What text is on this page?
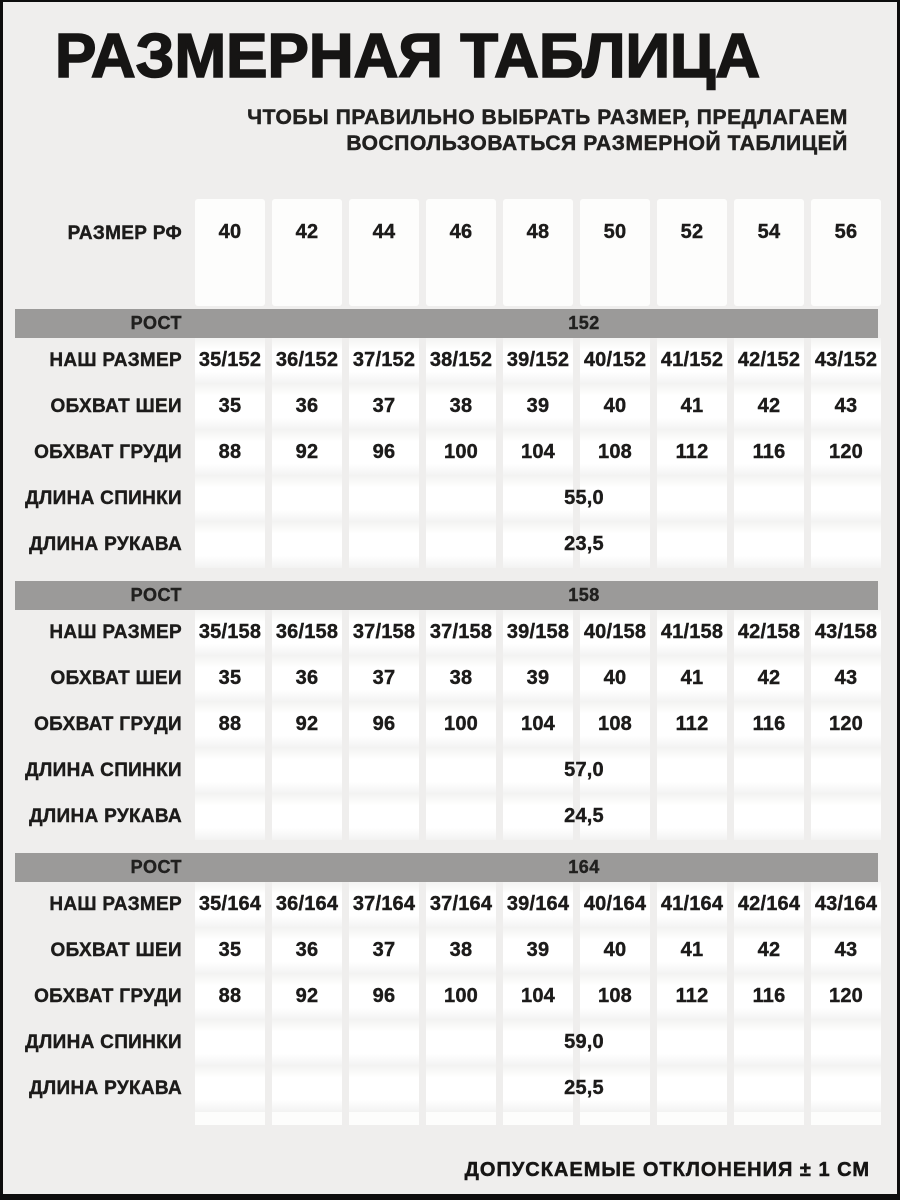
РАЗМЕРНАЯ ТАБЛИЦА
ЧТОБЫ ПРАВИЛЬНО ВЫБРАТЬ РАЗМЕР, ПРЕДЛАГАЕМ
ВОСПОЛЬЗОВАТЬСЯ РАЗМЕРНОЙ ТАБЛИЦЕЙ
РАЗМЕР РФ	40	42	44	46	48	50	52	54	56
РОСТ	152
НАШ РАЗМЕР 35/152 36/152 37/152 38/152 39/152 40/152 41/152 42/152 43/152
ОБХВАТ ШЕИ	35	36	37	38	39	40	41	42	43
ОБХВАТ ГРУДИ	88	92	96	100	104	108	112	116	120
ДЛИНА СПИНКИ	55,0
ДЛИНА РУКАВА	23,5
РОСТ	158
НАШ РАЗМЕР 35/158 36/158 37/158 37/158 39/158 40/158 41/158 42/158 43/158
ОБХВАТ ШЕИ	35	36	37	38	39	40	41	42	43
ОБХВАТ ГРУДИ	88	92	96	100	104	108	112	116	120
ДЛИНА СПИНКИ	57,0
ДЛИНА РУКАВА	24,5
РОСТ	164
НАШ РАЗМЕР 35/164 36/164 37/164 37/164 39/164 40/164 41/164 42/164 43/164
ОБХВАТ ШЕИ	35	36	37	38	39	40	41	42	43
ОБХВАТ ГРУДИ	88	92	96	100	104	108	112	116	120
ДЛИНА СПИНКИ	59,0
ДЛИНА РУКАВА	25,5
ДОПУСКАЕМЫЕ ОТКЛОНЕНИЯ ± 1 СМ
